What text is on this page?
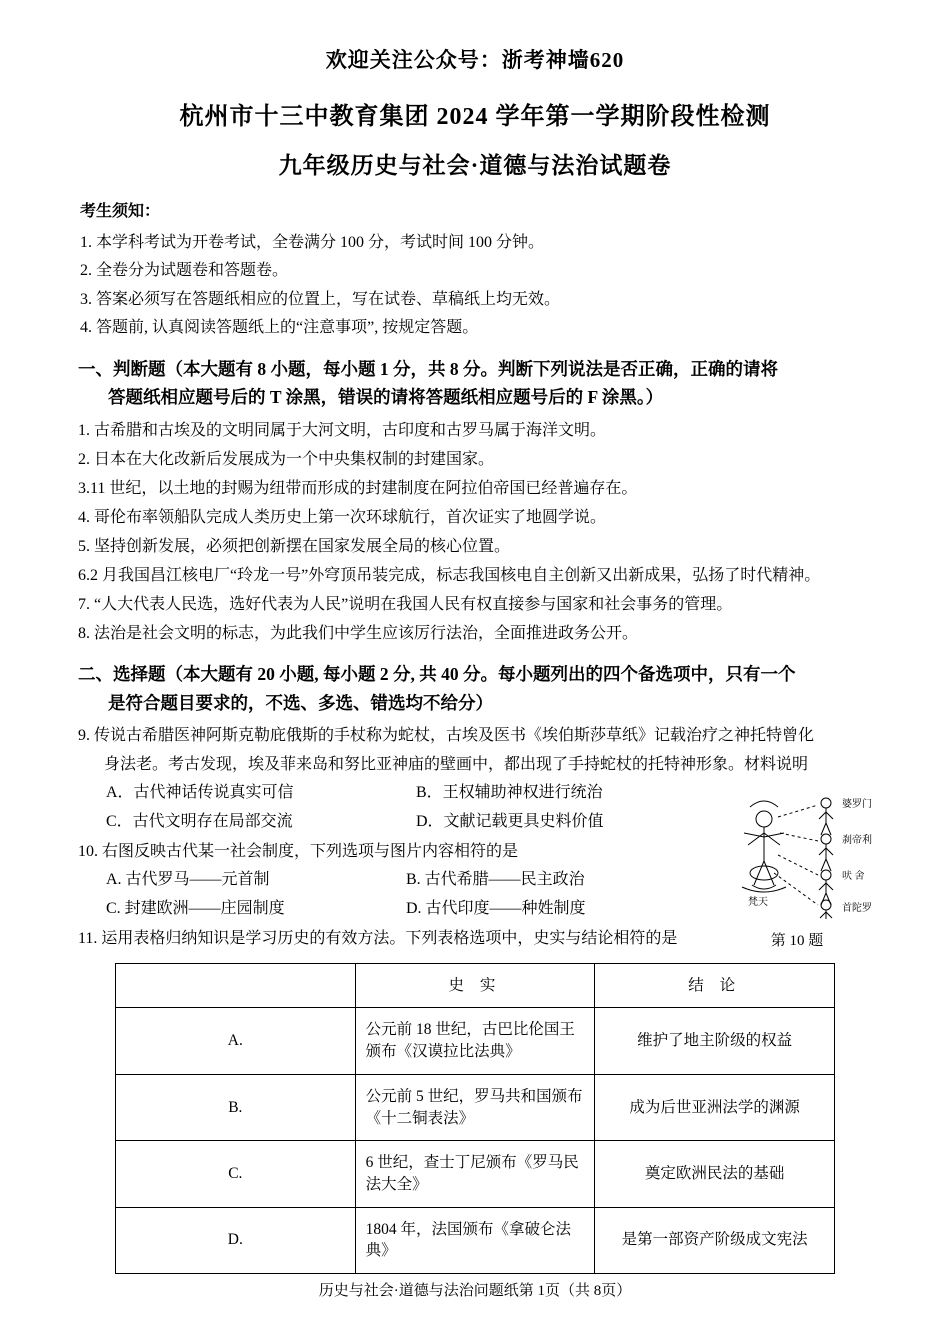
欢迎关注公众号：浙考神墙620
杭州市十三中教育集团 2024 学年第一学期阶段性检测
九年级历史与社会·道德与法治试题卷
考生须知：
1. 本学科考试为开卷考试，全卷满分 100 分，考试时间 100 分钟。
2. 全卷分为试题卷和答题卷。
3. 答案必须写在答题纸相应的位置上，写在试卷、草稿纸上均无效。
4. 答题前, 认真阅读答题纸上的“注意事项”, 按规定答题。
一、判断题（本大题有 8 小题，每小题 1 分，共 8 分。判断下列说法是否正确，正确的请将
答题纸相应题号后的 T 涂黑，错误的请将答题纸相应题号后的 F 涂黑。）
1. 古希腊和古埃及的文明同属于大河文明，古印度和古罗马属于海洋文明。
2. 日本在大化改新后发展成为一个中央集权制的封建国家。
3.11 世纪，以土地的封赐为纽带而形成的封建制度在阿拉伯帝国已经普遍存在。
4. 哥伦布率领船队完成人类历史上第一次环球航行，首次证实了地圆学说。
5. 坚持创新发展，必须把创新摆在国家发展全局的核心位置。
6.2 月我国昌江核电厂“玲龙一号”外穹顶吊装完成，标志我国核电自主创新又出新成果，弘扬了时代精神。
7. “人大代表人民选，选好代表为人民”说明在我国人民有权直接参与国家和社会事务的管理。
8. 法治是社会文明的标志，为此我们中学生应该厉行法治，全面推进政务公开。
二、选择题（本大题有 20 小题, 每小题 2 分, 共 40 分。每小题列出的四个备选项中，只有一个
是符合题目要求的，不选、多选、错选均不给分）
9. 传说古希腊医神阿斯克勒庇俄斯的手杖称为蛇杖，古埃及医书《埃伯斯莎草纸》记载治疗之神托特曾化
身法老。考古发现，埃及菲来岛和努比亚神庙的壁画中，都出现了手持蛇杖的托特神形象。材料说明
A．古代神话传说真实可信	B．王权辅助神权进行统治
C．古代文明存在局部交流	D．文献记载更具史料价值
婆罗门
刹帝利
吠 舍
首陀罗
梵天
第 10 题
10. 右图反映古代某一社会制度，下列选项与图片内容相符的是
A. 古代罗马——元首制	B. 古代希腊——民主政治
C. 封建欧洲——庄园制度	D. 古代印度——种姓制度
11. 运用表格归纳知识是学习历史的有效方法。下列表格选项中，史实与结论相符的是
	史 实	结 论
A.	公元前 18 世纪，古巴比伦国王颁布《汉谟拉比法典》	维护了地主阶级的权益
B.	公元前 5 世纪，罗马共和国颁布《十二铜表法》	成为后世亚洲法学的渊源
C.	6 世纪，查士丁尼颁布《罗马民法大全》	奠定欧洲民法的基础
D.	1804 年，法国颁布《拿破仑法典》	是第一部资产阶级成文宪法
历史与社会·道德与法治问题纸第 1页（共 8页）
